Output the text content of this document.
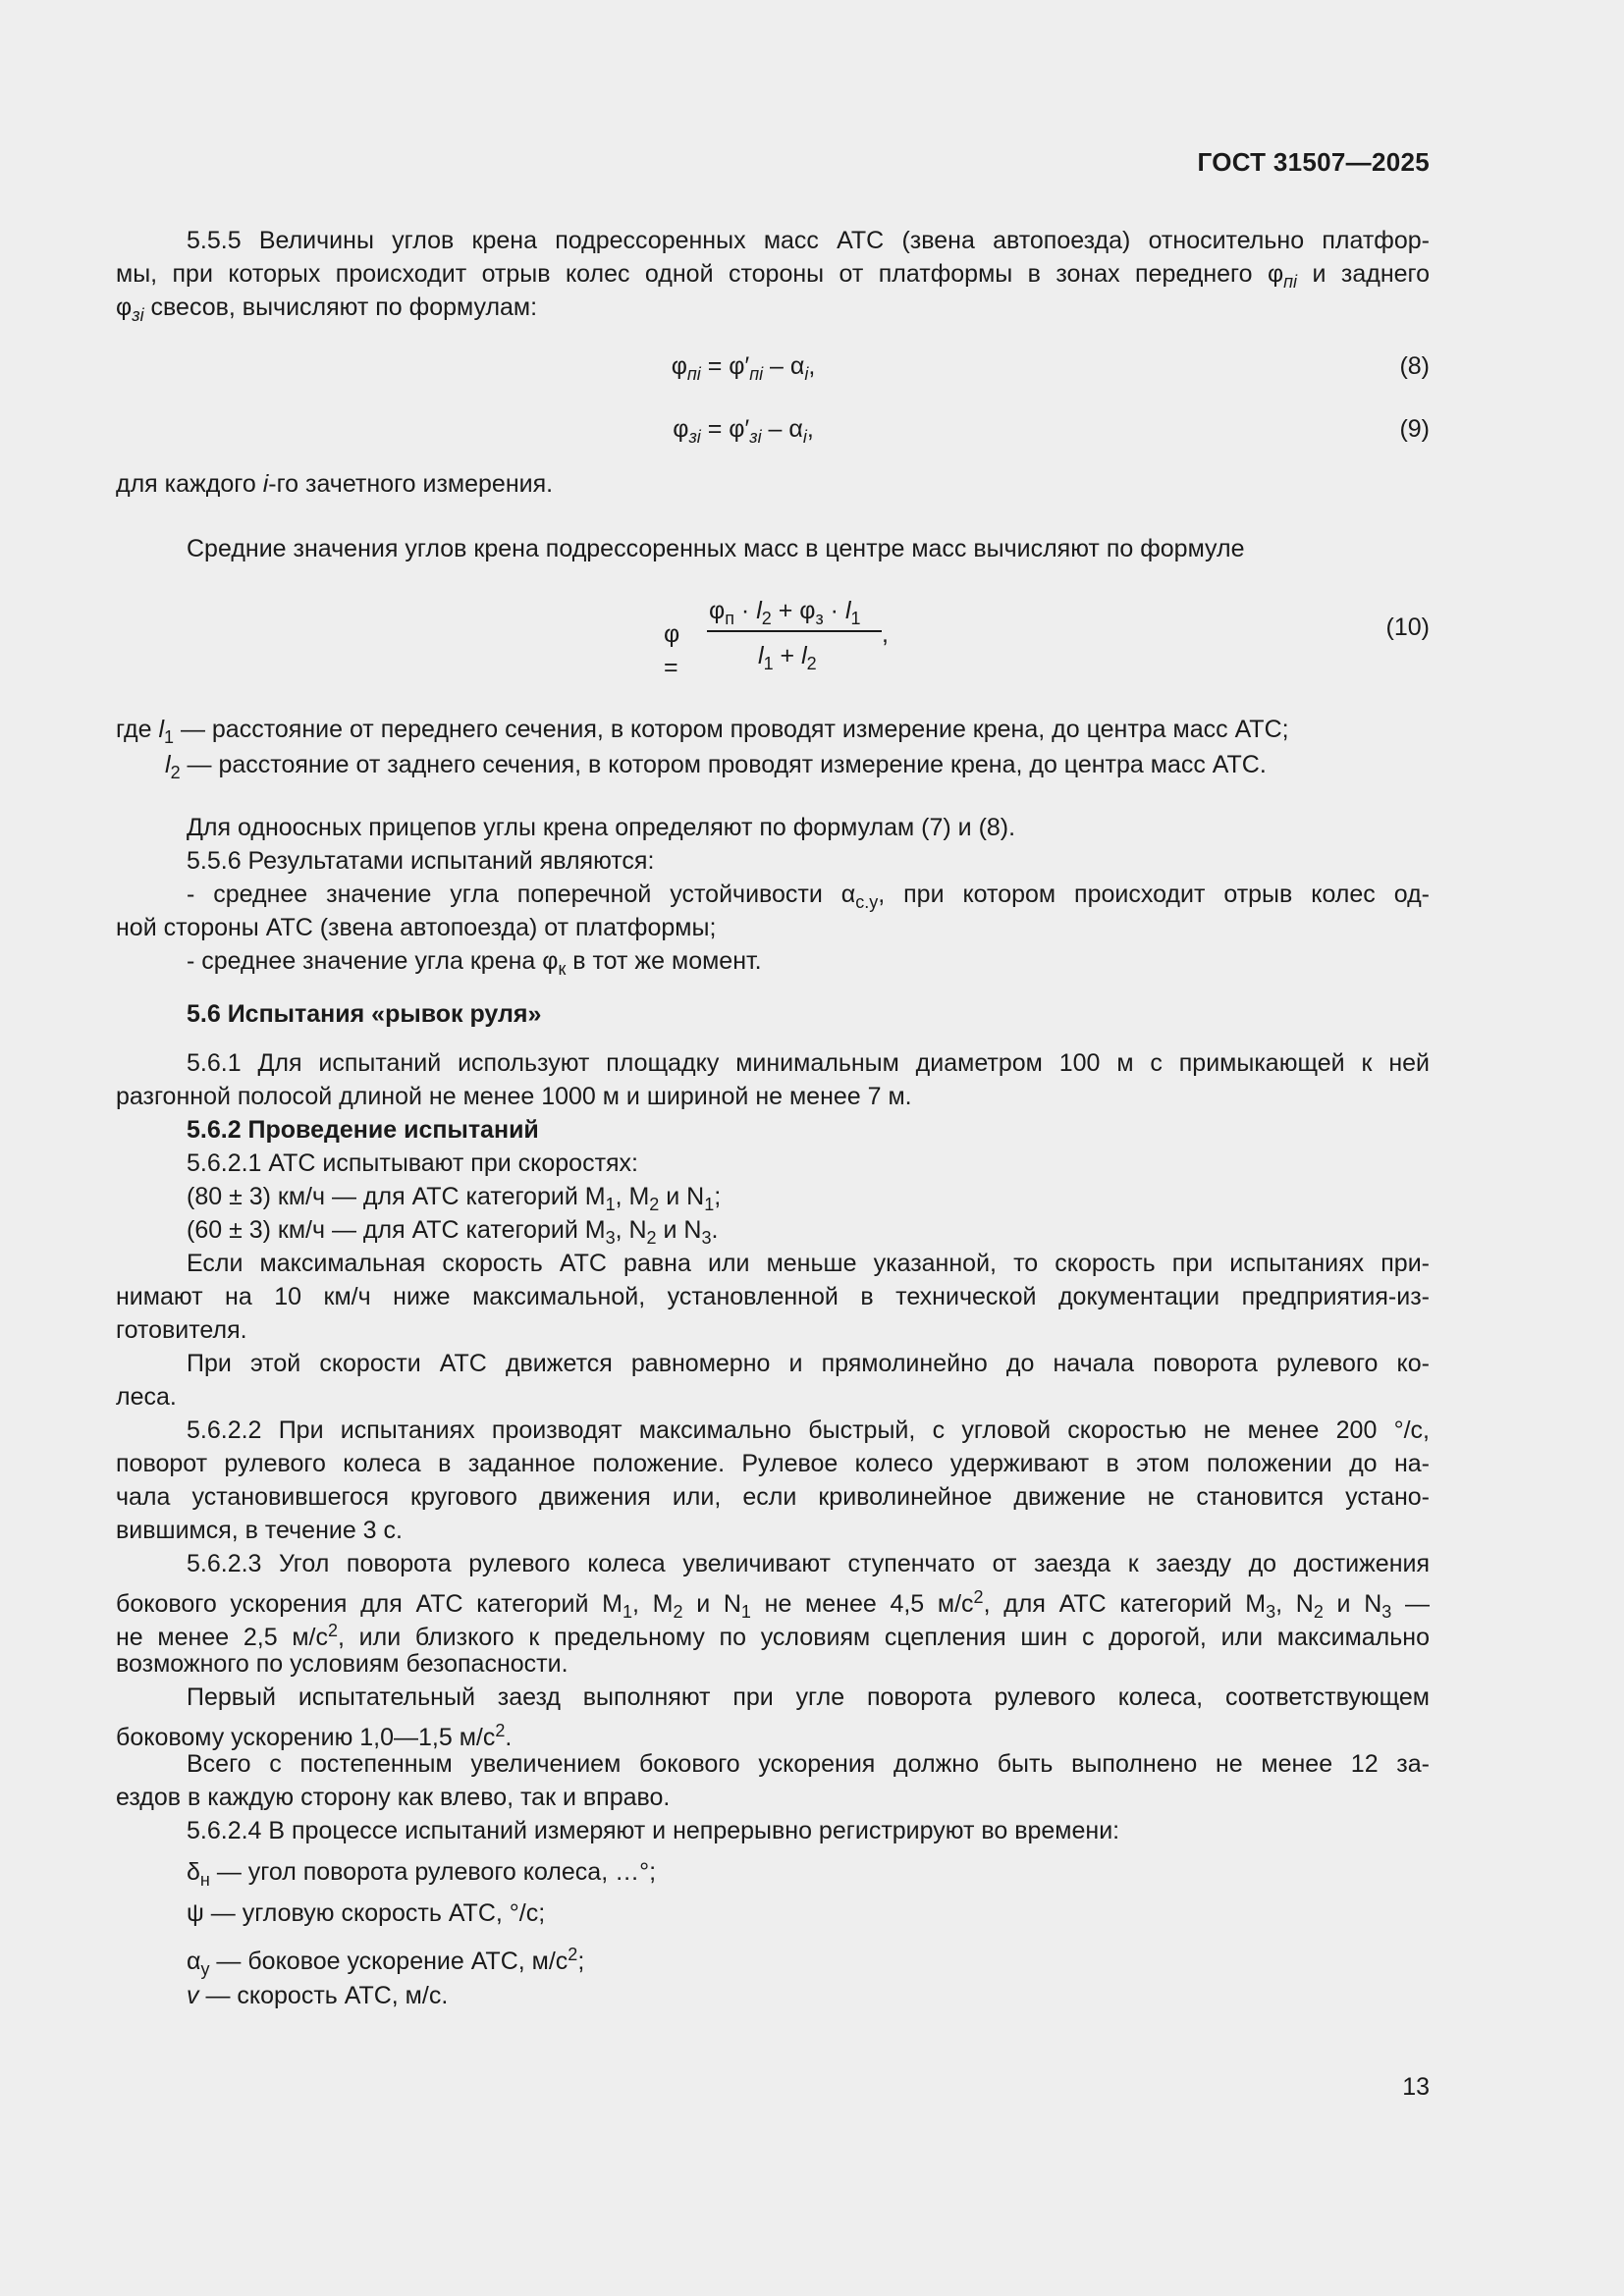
ГОСТ 31507—2025
5.5.5 Величины углов крена подрессоренных масс АТС (звена автопоезда) относительно платфор-
мы, при которых происходит отрыв колес одной стороны от платформы в зонах переднего $\varphi_{пi}$ и заднего
$\varphi_{зi}$ свесов, вычисляют по формулам:
$\varphi_{пi} = \varphi'_{пi} - \alpha_i$,	(8)
$\varphi_{зi} = \varphi'_{зi} - \alpha_i$,	(9)
для каждого i-го зачетного измерения.
Средние значения углов крена подрессоренных масс в центре масс вычисляют по формуле
φ =
$\varphi_п \cdot l_2 + \varphi_з \cdot l_1$
$l_1 + l_2$
,	(10)
где $l_1$ — расстояние от переднего сечения, в котором проводят измерение крена, до центра масс АТС;
$l_2$ — расстояние от заднего сечения, в котором проводят измерение крена, до центра масс АТС.
Для одноосных прицепов углы крена определяют по формулам (7) и (8).
5.5.6 Результатами испытаний являются:
- среднее значение угла поперечной устойчивости $\alpha_{с.у}$, при котором происходит отрыв колес од-
ной стороны АТС (звена автопоезда) от платформы;
- среднее значение угла крена $\varphi_к$ в тот же момент.
5.6 Испытания «рывок руля»
5.6.1 Для испытаний используют площадку минимальным диаметром 100 м с примыкающей к ней
разгонной полосой длиной не менее 1000 м и шириной не менее 7 м.
5.6.2 Проведение испытаний
5.6.2.1 АТС испытывают при скоростях:
(80 ± 3) км/ч — для АТС категорий $M_1$, $M_2$ и $N_1$;
(60 ± 3) км/ч — для АТС категорий $M_3$, $N_2$ и $N_3$.
Если максимальная скорость АТС равна или меньше указанной, то скорость при испытаниях при-
нимают на 10 км/ч ниже максимальной, установленной в технической документации предприятия-из-
готовителя.
При этой скорости АТС движется равномерно и прямолинейно до начала поворота рулевого ко-
леса.
5.6.2.2 При испытаниях производят максимально быстрый, с угловой скоростью не менее 200 °/с,
поворот рулевого колеса в заданное положение. Рулевое колесо удерживают в этом положении до на-
чала установившегося кругового движения или, если криволинейное движение не становится устано-
вившимся, в течение 3 с.
5.6.2.3 Угол поворота рулевого колеса увеличивают ступенчато от заезда к заезду до достижения
бокового ускорения для АТС категорий $M_1$, $M_2$ и $N_1$ не менее 4,5 $м/с^2$, для АТС категорий $M_3$, $N_2$ и $N_3$ —
не менее 2,5 $м/с^2$, или близкого к предельному по условиям сцепления шин с дорогой, или максимально
возможного по условиям безопасности.
Первый испытательный заезд выполняют при угле поворота рулевого колеса, соответствующем
боковому ускорению 1,0—1,5 $м/с^2$.
Всего с постепенным увеличением бокового ускорения должно быть выполнено не менее 12 за-
ездов в каждую сторону как влево, так и вправо.
5.6.2.4 В процессе испытаний измеряют и непрерывно регистрируют во времени:
$\delta_н$ — угол поворота рулевого колеса, …°;
ψ — угловую скорость АТС, °/с;
$\alpha_y$ — боковое ускорение АТС, $м/с^2$;
v — скорость АТС, м/с.
13
